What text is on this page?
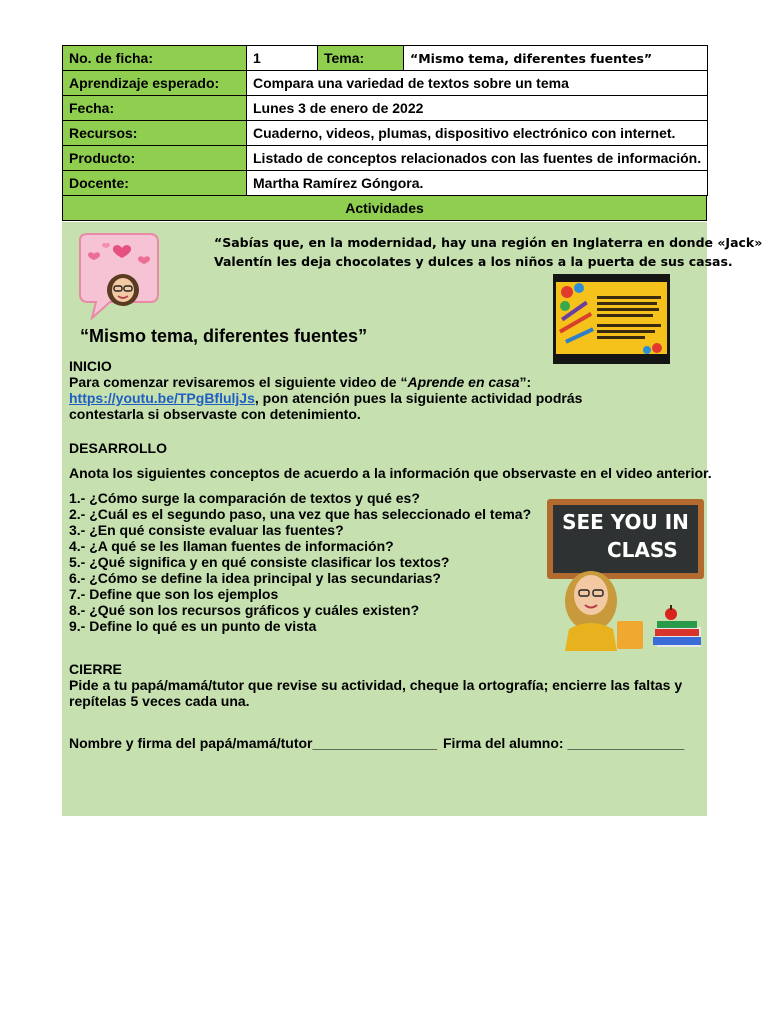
No. de ficha:	1	Tema:	“Mismo tema, diferentes fuentes”
Aprendizaje esperado:	Compara una variedad de textos sobre un tema		
Fecha:	Lunes 3 de enero de 2022		
Recursos:	Cuaderno, videos, plumas, dispositivo electrónico con internet.		
Producto:	Listado de conceptos relacionados con las fuentes de información.		
Docente:	Martha Ramírez Góngora.		
Actividades
“Sabías que, en la modernidad, hay una región en Inglaterra en donde «Jack»
Valentín les deja chocolates y dulces a los niños a la puerta de sus casas.
“Mismo tema, diferentes fuentes”
INICIO
Para comenzar revisaremos el siguiente video de “Aprende en casa”:
https://youtu.be/TPgBfluljJs, pon atención pues la siguiente actividad podrás
contestarla si observaste con detenimiento.
DESARROLLO
Anota los siguientes conceptos de acuerdo a la información que observaste en el video anterior.
1.- ¿Cómo surge la comparación de textos y qué es?
2.- ¿Cuál es el segundo paso, una vez que has seleccionado el tema?
3.- ¿En qué consiste evaluar las fuentes?
4.- ¿A qué se les llaman fuentes de información?
5.- ¿Qué significa y en qué consiste clasificar los textos?
6.- ¿Cómo se define la idea principal y las secundarias?
7.- Define que son los ejemplos
8.- ¿Qué son los recursos gráficos y cuáles existen?
9.- Define lo qué es un punto de vista
SEE YOU IN
CLASS
CIERRE
Pide a tu papá/mamá/tutor que revise su actividad, cheque la ortografía; encierre las faltas y
repítelas 5 veces cada una.
Nombre y firma del papá/mamá/tutor________________ Firma del alumno: _______________
